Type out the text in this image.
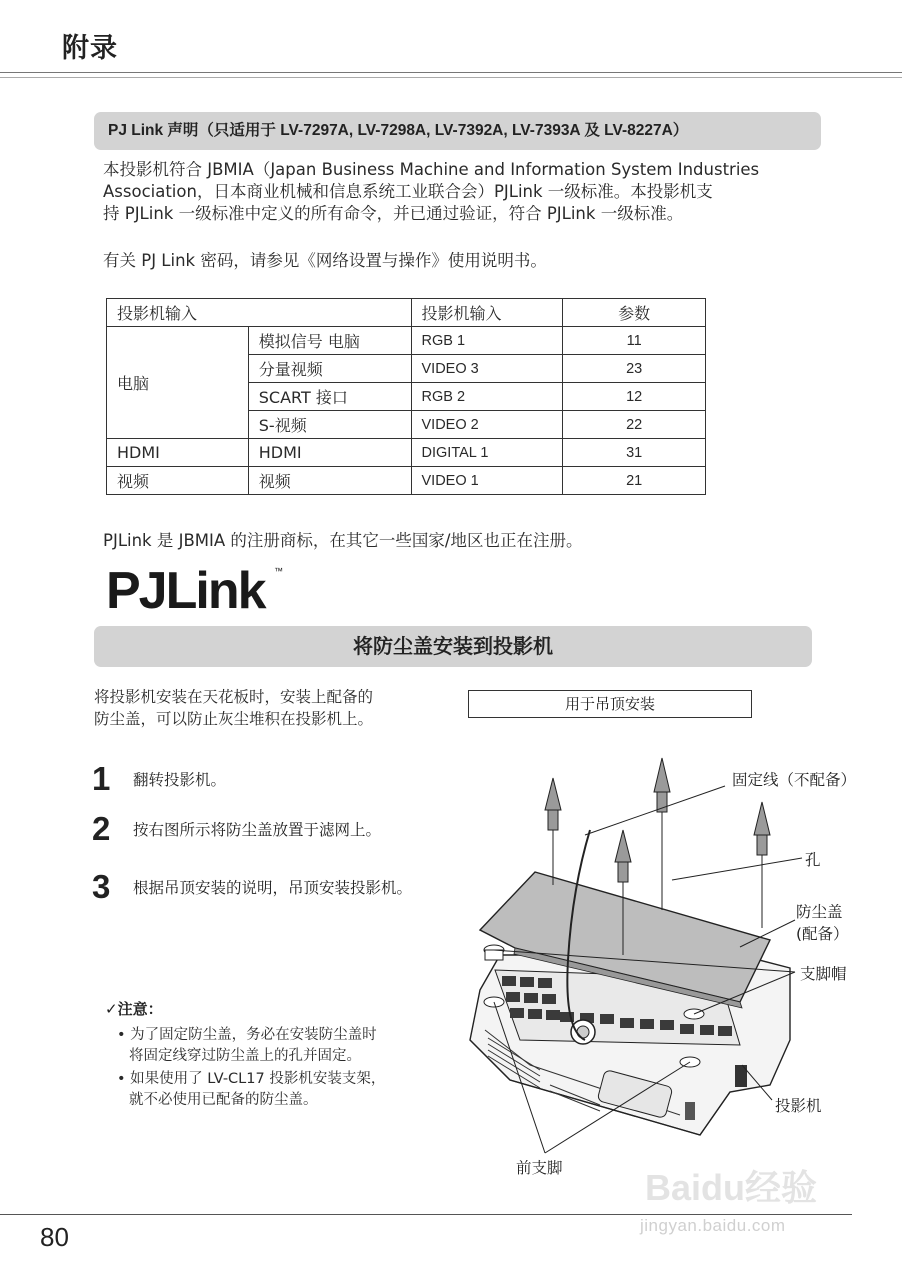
附录
PJ Link 声明（只适用于 LV-7297A, LV-7298A, LV-7392A, LV-7393A 及 LV-8227A）
本投影机符合 JBMIA（Japan Business Machine and Information System Industries
Association，日本商业机械和信息系统工业联合会）PJLink 一级标准。本投影机支
持 PJLink 一级标准中定义的所有命令，并已通过验证，符合 PJLink 一级标准。
有关 PJ Link 密码，请参见《网络设置与操作》使用说明书。
投影机输入		投影机输入	参数
电脑	模拟信号 电脑	RGB 1	11
	分量视频	VIDEO 3	23
	SCART 接口	RGB 2	12
	S-视频	VIDEO 2	22
HDMI	HDMI	DIGITAL 1	31
视频	视频	VIDEO 1	21
PJLink 是 JBMIA 的注册商标，在其它一些国家/地区也正在注册。
PJLink ™
将防尘盖安装到投影机
将投影机安装在天花板时，安装上配备的
防尘盖，可以防止灰尘堆积在投影机上。
用于吊顶安装
1 翻转投影机。
2 按右图所示将防尘盖放置于滤网上。
3 根据吊顶安装的说明，吊顶安装投影机。
✓注意：
• 为了固定防尘盖，务必在安装防尘盖时
将固定线穿过防尘盖上的孔并固定。
• 如果使用了 LV-CL17 投影机安装支架，
就不必使用已配备的防尘盖。
固定线（不配备）
孔
防尘盖
(配备）
支脚帽
投影机
前支脚
80
Baidu经验
jingyan.baidu.com
